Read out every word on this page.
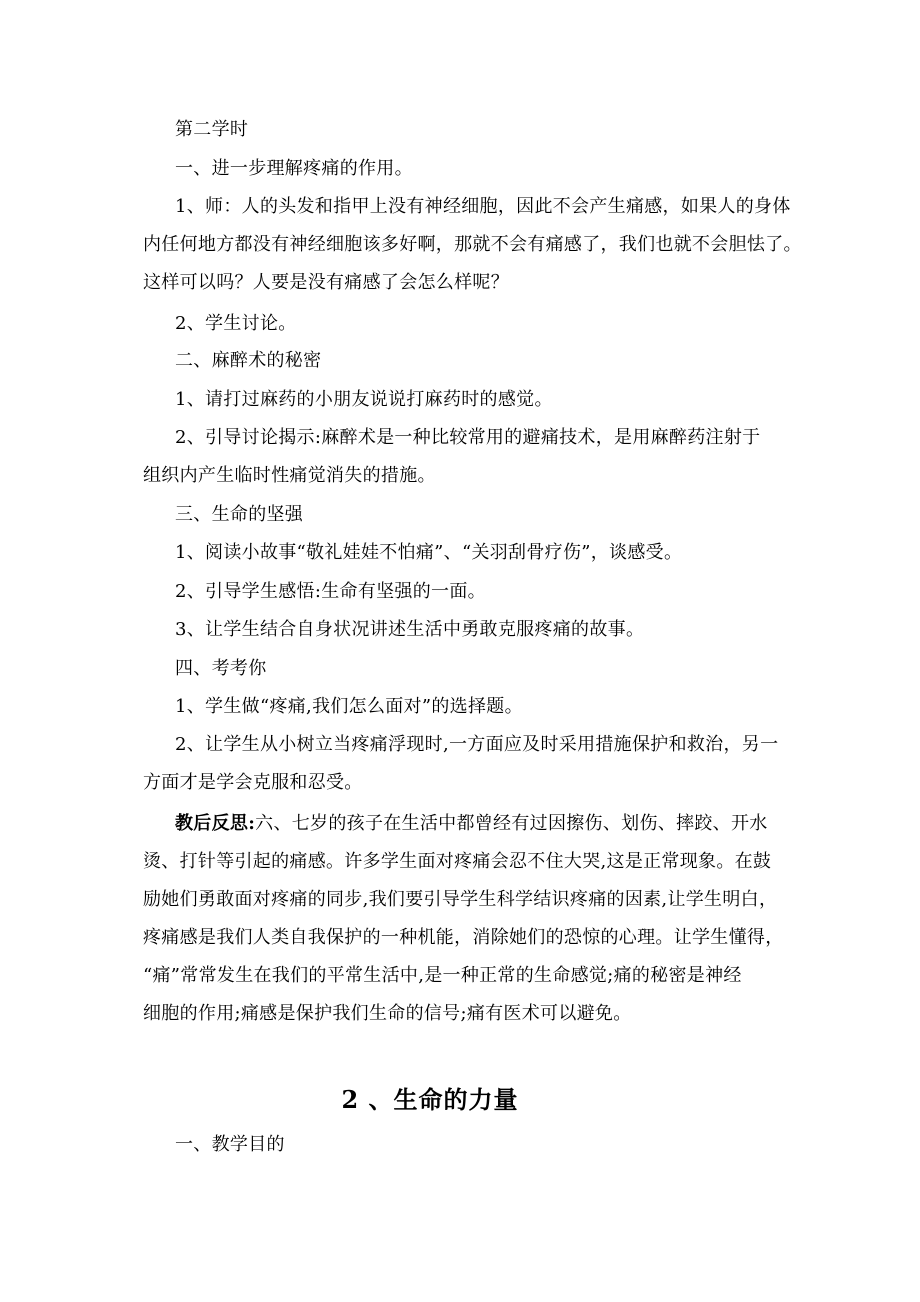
第二学时
一、进一步理解疼痛的作用。
1、师：人的头发和指甲上没有神经细胞，因此不会产生痛感，如果人的身体
内任何地方都没有神经细胞该多好啊，那就不会有痛感了，我们也就不会胆怯了。
这样可以吗？人要是没有痛感了会怎么样呢？
2、学生讨论。
二、麻醉术的秘密
1、请打过麻药的小朋友说说打麻药时的感觉。
2、引导讨论揭示:麻醉术是一种比较常用的避痛技术，是用麻醉药注射于
组织内产生临时性痛觉消失的措施。
三、生命的坚强
1、阅读小故事“敬礼娃娃不怕痛”、“关羽刮骨疗伤”，谈感受。
2、引导学生感悟:生命有坚强的一面。
3、让学生结合自身状况讲述生活中勇敢克服疼痛的故事。
四、考考你
1、学生做“疼痛,我们怎么面对”的选择题。
2、让学生从小树立当疼痛浮现时,一方面应及时采用措施保护和救治，另一
方面才是学会克服和忍受。
教后反思:六、七岁的孩子在生活中都曾经有过因擦伤、划伤、摔跤、开水
烫、打针等引起的痛感。许多学生面对疼痛会忍不住大哭,这是正常现象。在鼓
励她们勇敢面对疼痛的同步,我们要引导学生科学结识疼痛的因素,让学生明白，
疼痛感是我们人类自我保护的一种机能，消除她们的恐惊的心理。让学生懂得，
“痛”常常发生在我们的平常生活中,是一种正常的生命感觉;痛的秘密是神经
细胞的作用;痛感是保护我们生命的信号;痛有医术可以避免。
2 、生命的力量
一、教学目的
